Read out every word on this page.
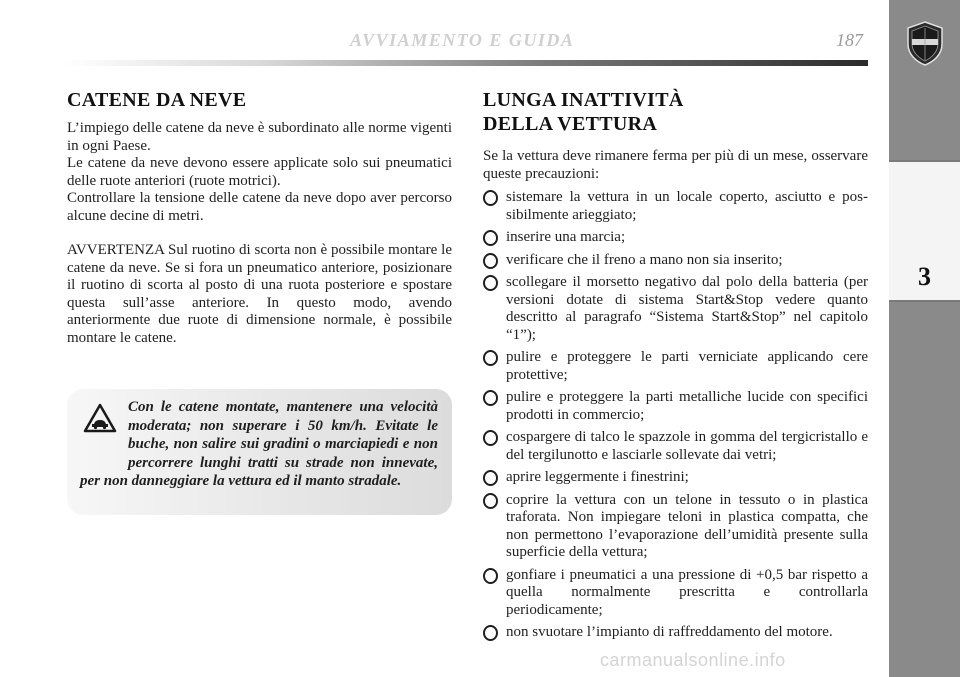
AVVIAMENTO E GUIDA	187
3
CATENE DA NEVE

L’impiego delle catene da neve è subordinato alle norme vigenti in ogni Paese.

Le catene da neve devono essere applicate solo sui pneumatici delle ruote anteriori (ruote motrici).

Controllare la tensione delle catene da neve dopo aver percorso alcune decine di metri.

AVVERTENZA Sul ruotino di scorta non è possibile montare le catene da neve. Se si fora un pneumatico anteriore, posizionare il ruotino di scorta al posto di una ruota posteriore e spostare questa sull’asse anteriore. In questo modo, avendo anteriormente due ruote di dimensione normale, è possibile montare le catene.

Con le catene montate, mantenere una velocità moderata; non superare i 50 km/h. Evitate le buche, non salire sui gradini o marciapiedi e non percorrere lunghi tratti su strade non innevate, per non danneggiare la vettura ed il manto stradale.

LUNGA INATTIVITÀ
DELLA VETTURA

Se la vettura deve rimanere ferma per più di un mese, osservare queste precauzioni:

sistemare la vettura in un locale coperto, asciutto e possibilmente arieggiato;
inserire una marcia;
verificare che il freno a mano non sia inserito;
scollegare il morsetto negativo dal polo della batteria (per versioni dotate di sistema Start&Stop vedere quanto descritto al paragrafo “Sistema Start&Stop” nel capitolo “1”);
pulire e proteggere le parti verniciate applicando cere protettive;
pulire e proteggere la parti metalliche lucide con specifici prodotti in commercio;
cospargere di talco le spazzole in gomma del tergicristallo e del tergilunotto e lasciarle sollevate dai vetri;
aprire leggermente i finestrini;
coprire la vettura con un telone in tessuto o in plastica traforata. Non impiegare teloni in plastica compatta, che non permettono l’evaporazione dell’umidità presente sulla superficie della vettura;
gonfiare i pneumatici a una pressione di +0,5 bar rispetto a quella normalmente prescritta e controllarla periodicamente;
non svuotare l’impianto di raffreddamento del motore.
carmanualsonline.info
